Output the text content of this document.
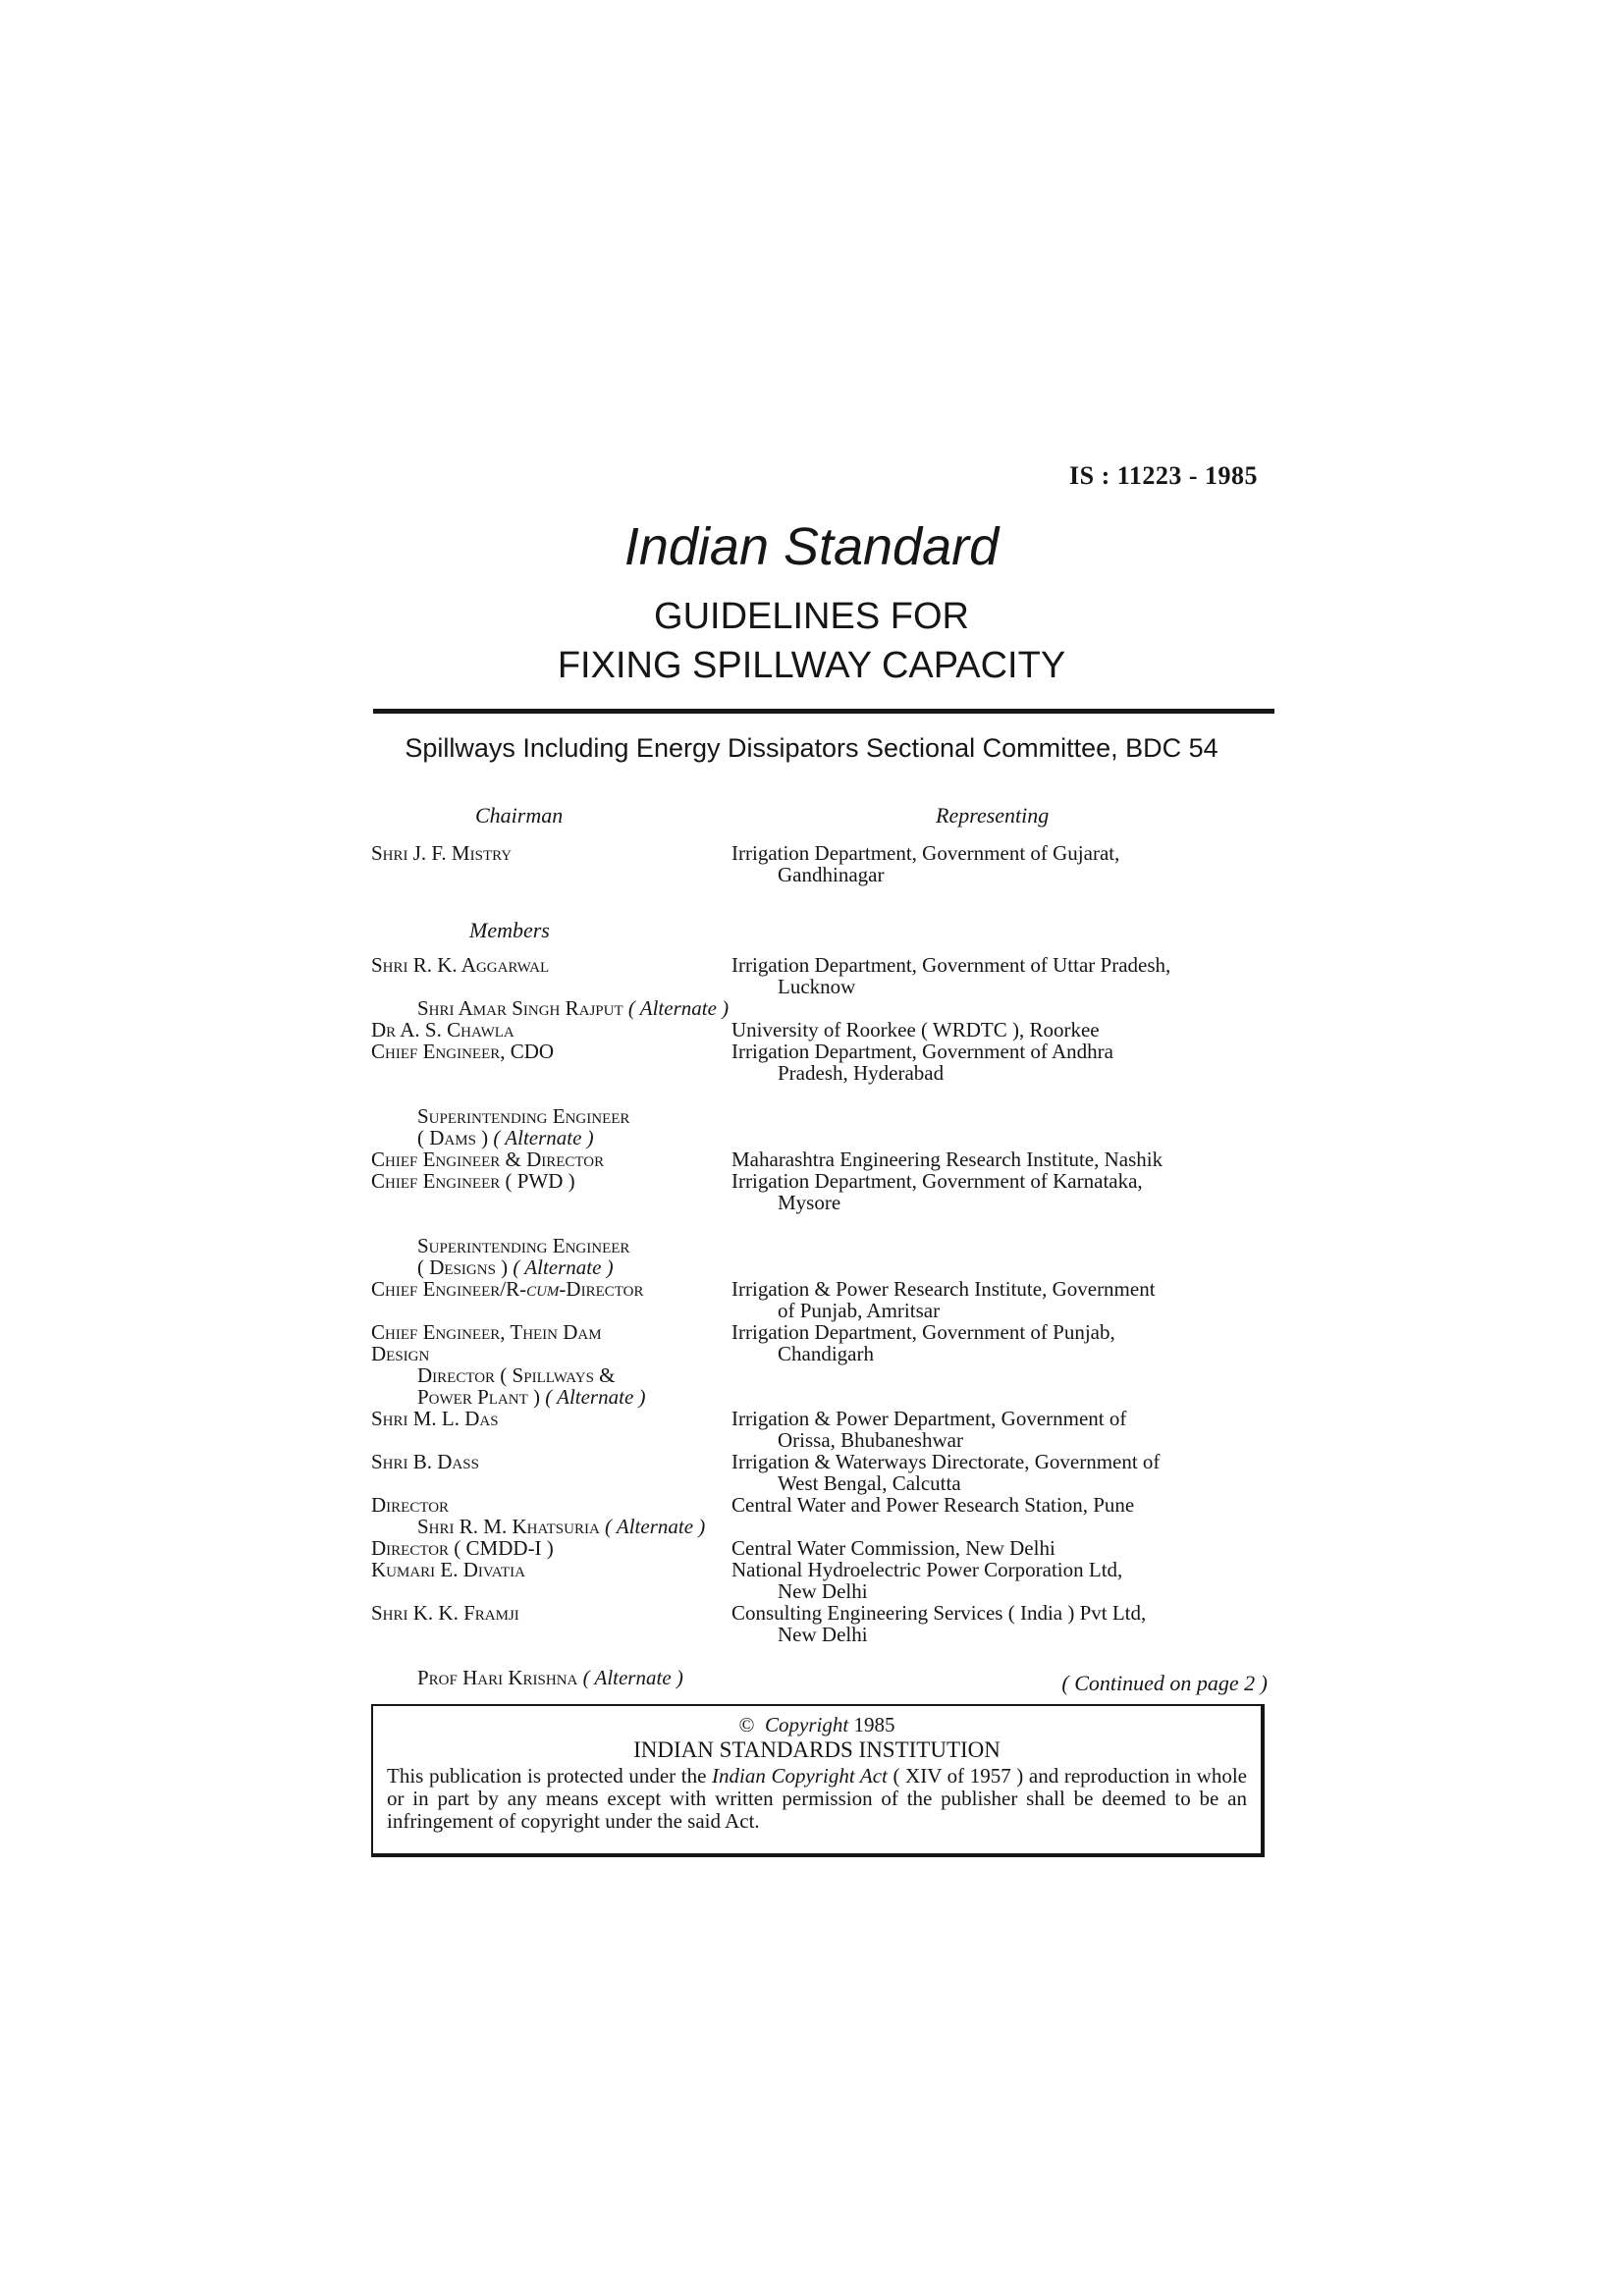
IS : 11223 - 1985
Indian Standard
GUIDELINES FOR
FIXING SPILLWAY CAPACITY
Spillways Including Energy Dissipators Sectional Committee, BDC 54
Chairman	Representing
Shri J. F. Mistry	Irrigation Department, Government of Gujarat,
Gandhinagar
Members
Shri R. K. Aggarwal
Shri Amar Singh Rajput ( Alternate )
Dr A. S. Chawla
Chief Engineer, CDO
Superintending Engineer
( Dams ) ( Alternate )
Chief Engineer & Director
Chief Engineer ( PWD )
Superintending Engineer
( Designs ) ( Alternate )
Chief Engineer/R-cum-Director
Chief Engineer, Thein Dam
Design
Director ( Spillways &
Power Plant ) ( Alternate )
Shri M. L. Das
Shri B. Dass
Director
Shri R. M. Khatsuria ( Alternate )
Director ( CMDD-I )
Kumari E. Divatia
Shri K. K. Framji
Prof Hari Krishna ( Alternate )
Irrigation Department, Government of Uttar Pradesh,
Lucknow
University of Roorkee ( WRDTC ), Roorkee
Irrigation Department, Government of Andhra
Pradesh, Hyderabad
Maharashtra Engineering Research Institute, Nashik
Irrigation Department, Government of Karnataka,
Mysore
Irrigation & Power Research Institute, Government
of Punjab, Amritsar
Irrigation Department, Government of Punjab,
Chandigarh
Irrigation & Power Department, Government of
Orissa, Bhubaneshwar
Irrigation & Waterways Directorate, Government of
West Bengal, Calcutta
Central Water and Power Research Station, Pune
Central Water Commission, New Delhi
National Hydroelectric Power Corporation Ltd,
New Delhi
Consulting Engineering Services ( India ) Pvt Ltd,
New Delhi
( Continued on page 2 )
© Copyright 1985
INDIAN STANDARDS INSTITUTION
This publication is protected under the Indian Copyright Act ( XIV of 1957 ) and reproduction in whole or in part by any means except with written permission of the publisher shall be deemed to be an infringement of copyright under the said Act.
